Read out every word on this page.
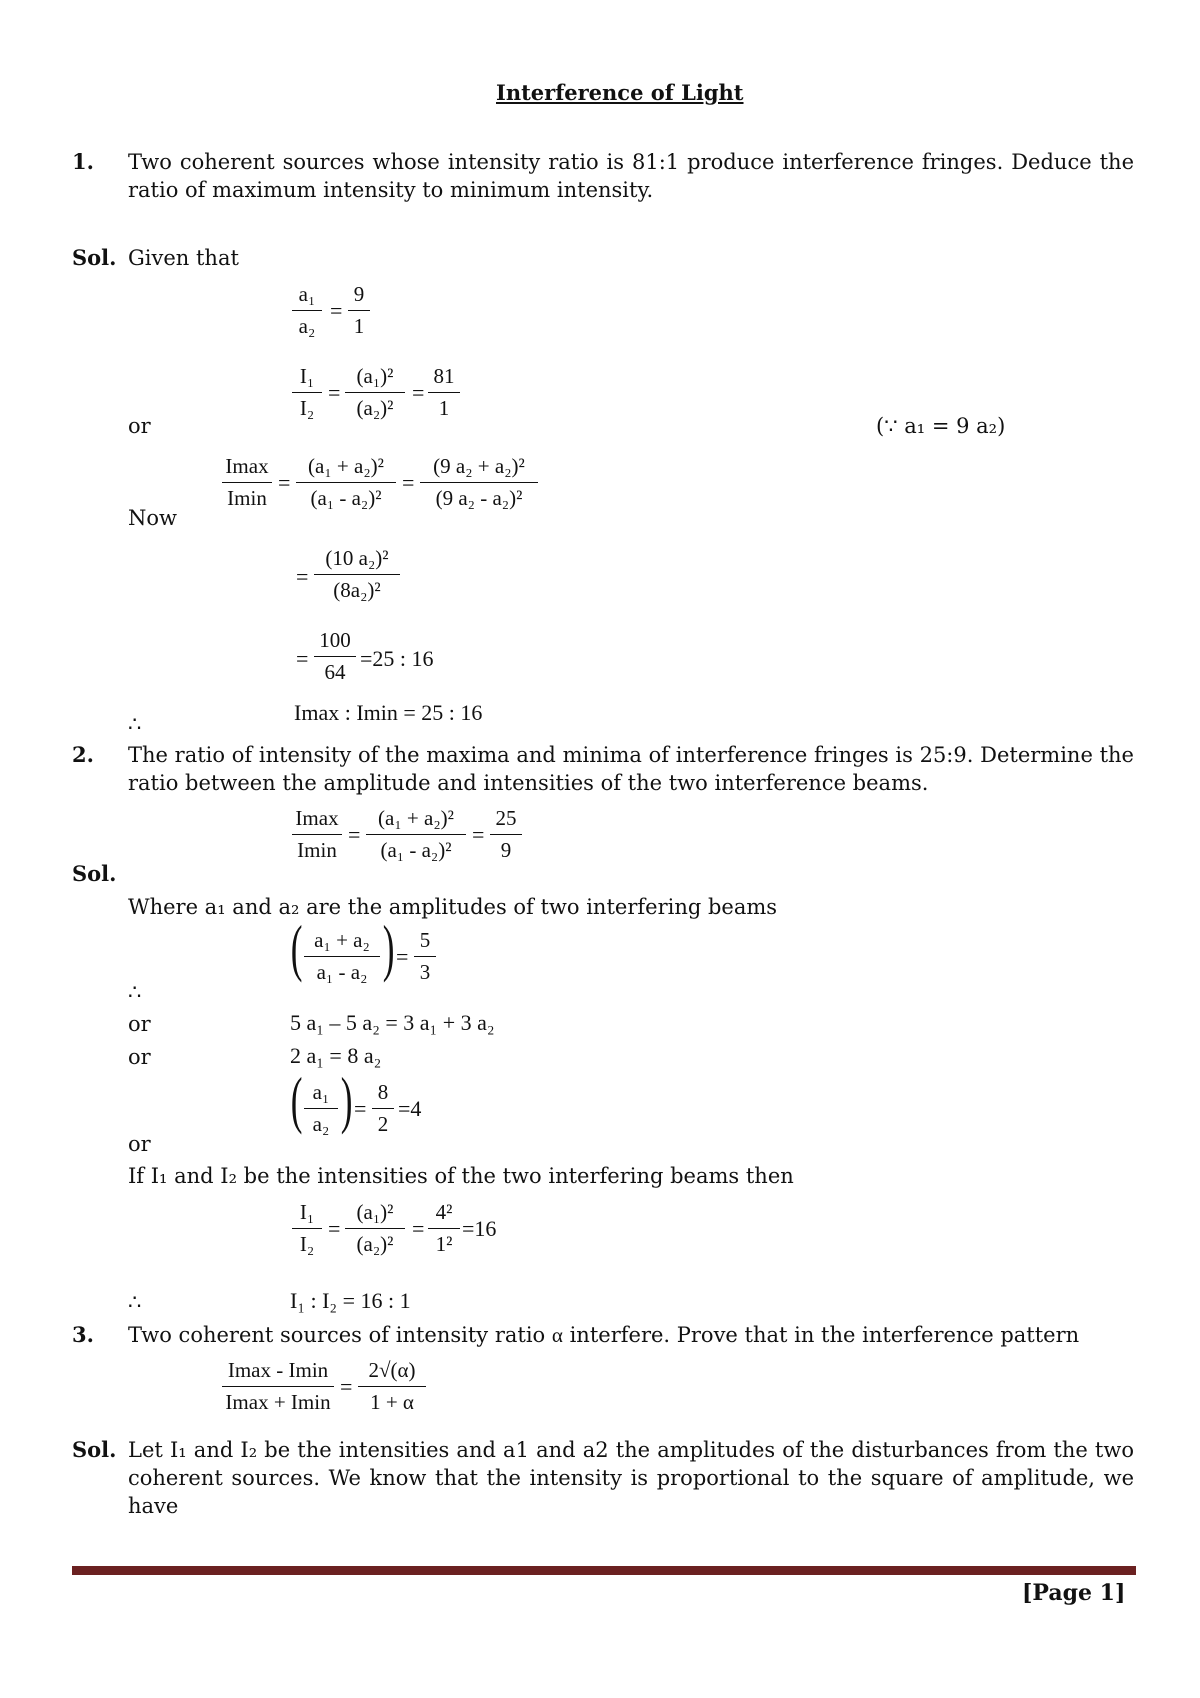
Interference of Light
1. Two coherent sources whose intensity ratio is 81:1 produce interference fringes. Deduce the ratio of maximum intensity to minimum intensity.
Sol. Given that
$\frac{\text{a₁}}{\text{a₂}} = \frac{9}{1}$
$\frac{\text{I₁}}{\text{I₂}} = \frac{\text{(a₁)²}}{\text{(a₂)²}} = \frac{81}{1}$
or	(∵ a₁ = 9 a₂)
Imax
Imin
= $\frac{\text{(a₁ + a₂)²}}{\text{(a₁ - a₂)²}} = \frac{\text{(9 a₂ + a₂)²}}{\text{(9 a₂ - a₂)²}}$
Now
= $\frac{\text{(10 a₂)²}}{\text{(8a₂)²}}$
= $\frac{100}{64} =25$ : 16
∴	Imax : Imin = 25 : 16
2. The ratio of intensity of the maxima and minima of interference fringes is 25:9. Determine the ratio between the amplitude and intensities of the two interference beams.
Imax
Imin
= $\frac{\text{(a₁ + a₂)²}}{\text{(a₁ - a₂)²}} = \frac{25}{9}$
Sol.
Where a₁ and a₂ are the amplitudes of two interfering beams
( $\frac{\text{a₁ + a₂}}{\text{a₁ - a₂}}$ ) = $\frac{5}{3}$
∴
or	5 a₁ – 5 a₂ = 3 a₁ + 3 a₂
or	2 a₁ = 8 a₂
( $\frac{\text{a₁}}{\text{a₂}}$ ) = $\frac{8}{2} =4$
or
If I₁ and I₂ be the intensities of the two interfering beams then
$\frac{\text{I₁}}{\text{I₂}} = \frac{\text{(a₁)²}}{\text{(a₂)²}} = \frac{\text{4²}}{\text{1²}} =16$
∴	I₁ : I₂ = 16 : 1
3. Two coherent sources of intensity ratio α interfere. Prove that in the interference pattern
Imax - Imin
Imax + Imin
= $\frac{2√(\alpha)}{1 + \alpha}$
Sol. Let I₁ and I₂ be the intensities and a1 and a2 the amplitudes of the disturbances from the two coherent sources. We know that the intensity is proportional to the square of amplitude, we have
[Page 1]
